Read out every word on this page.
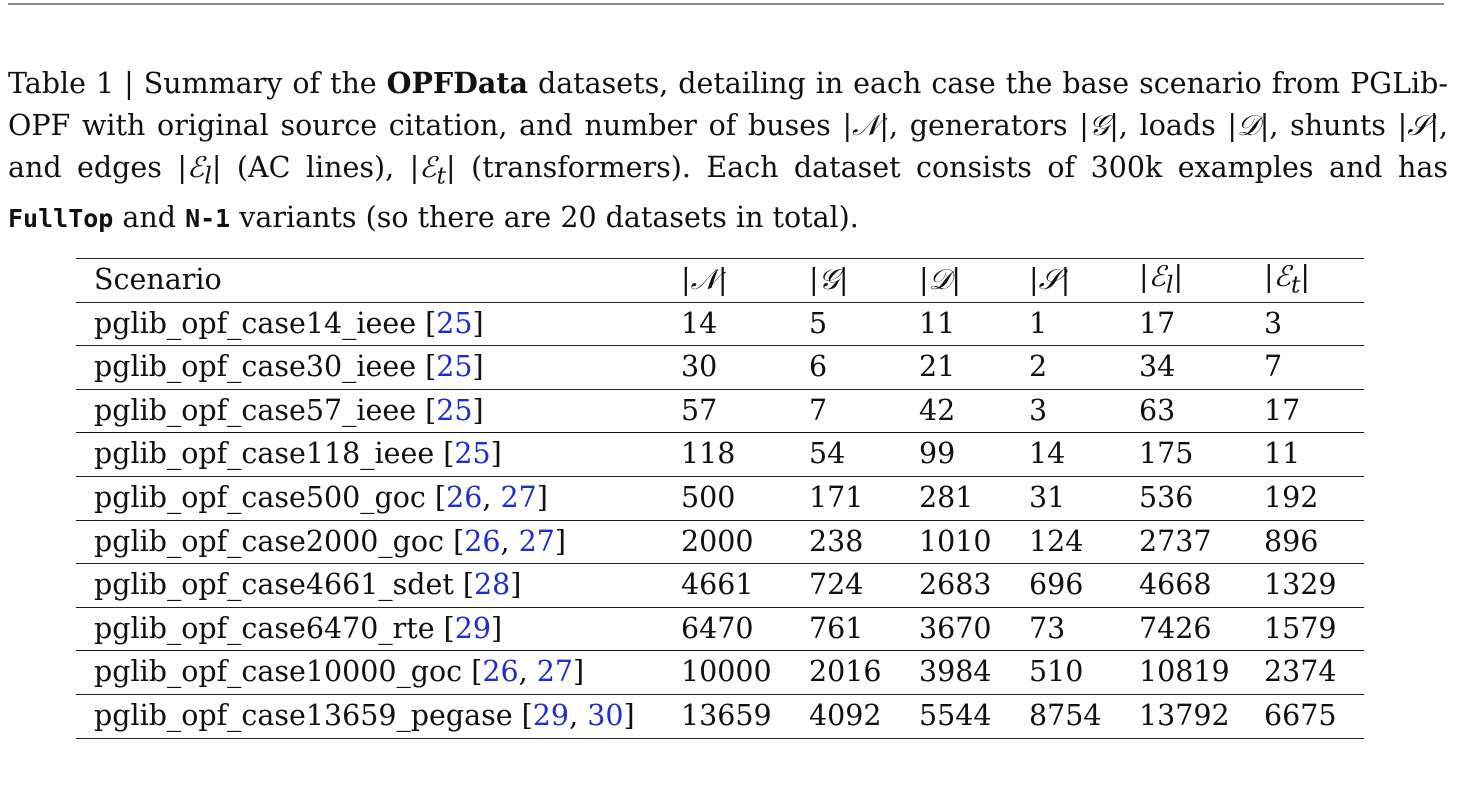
Table 1 | Summary of the OPFData datasets, detailing in each case the base scenario from PGLib-OPF with original source citation, and number of buses |𝒩|, generators |𝒢|, loads |𝒟|, shunts |𝒮|, and edges |ℰ$_l$| (AC lines), |ℰ$_t$| (transformers). Each dataset consists of 300k examples and has FullTop and N-1 variants (so there are 20 datasets in total).
Scenario	|𝒩|	|𝒢|	|𝒟|	|𝒮|	|ℰ$_l$|	|ℰ$_t$|
pglib_opf_case14_ieee [25]	14	5	11	1	17	3
pglib_opf_case30_ieee [25]	30	6	21	2	34	7
pglib_opf_case57_ieee [25]	57	7	42	3	63	17
pglib_opf_case118_ieee [25]	118	54	99	14	175	11
pglib_opf_case500_goc [26, 27]	500	171	281	31	536	192
pglib_opf_case2000_goc [26, 27]	2000	238	1010	124	2737	896
pglib_opf_case4661_sdet [28]	4661	724	2683	696	4668	1329
pglib_opf_case6470_rte [29]	6470	761	3670	73	7426	1579
pglib_opf_case10000_goc [26, 27]	10000	2016	3984	510	10819	2374
pglib_opf_case13659_pegase [29, 30]	13659	4092	5544	8754	13792	6675
